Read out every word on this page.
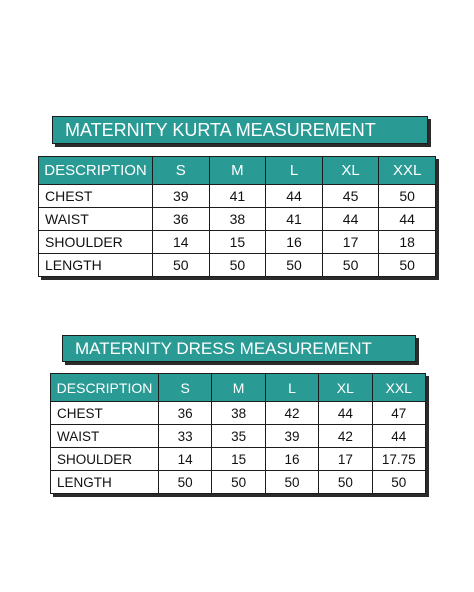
MATERNITY KURTA MEASUREMENT
DESCRIPTION	S	M	L	XL	XXL
CHEST	39	41	44	45	50
WAIST	36	38	41	44	44
SHOULDER	14	15	16	17	18
LENGTH	50	50	50	50	50
MATERNITY DRESS MEASUREMENT
DESCRIPTION	S	M	L	XL	XXL
CHEST	36	38	42	44	47
WAIST	33	35	39	42	44
SHOULDER	14	15	16	17	17.75
LENGTH	50	50	50	50	50
